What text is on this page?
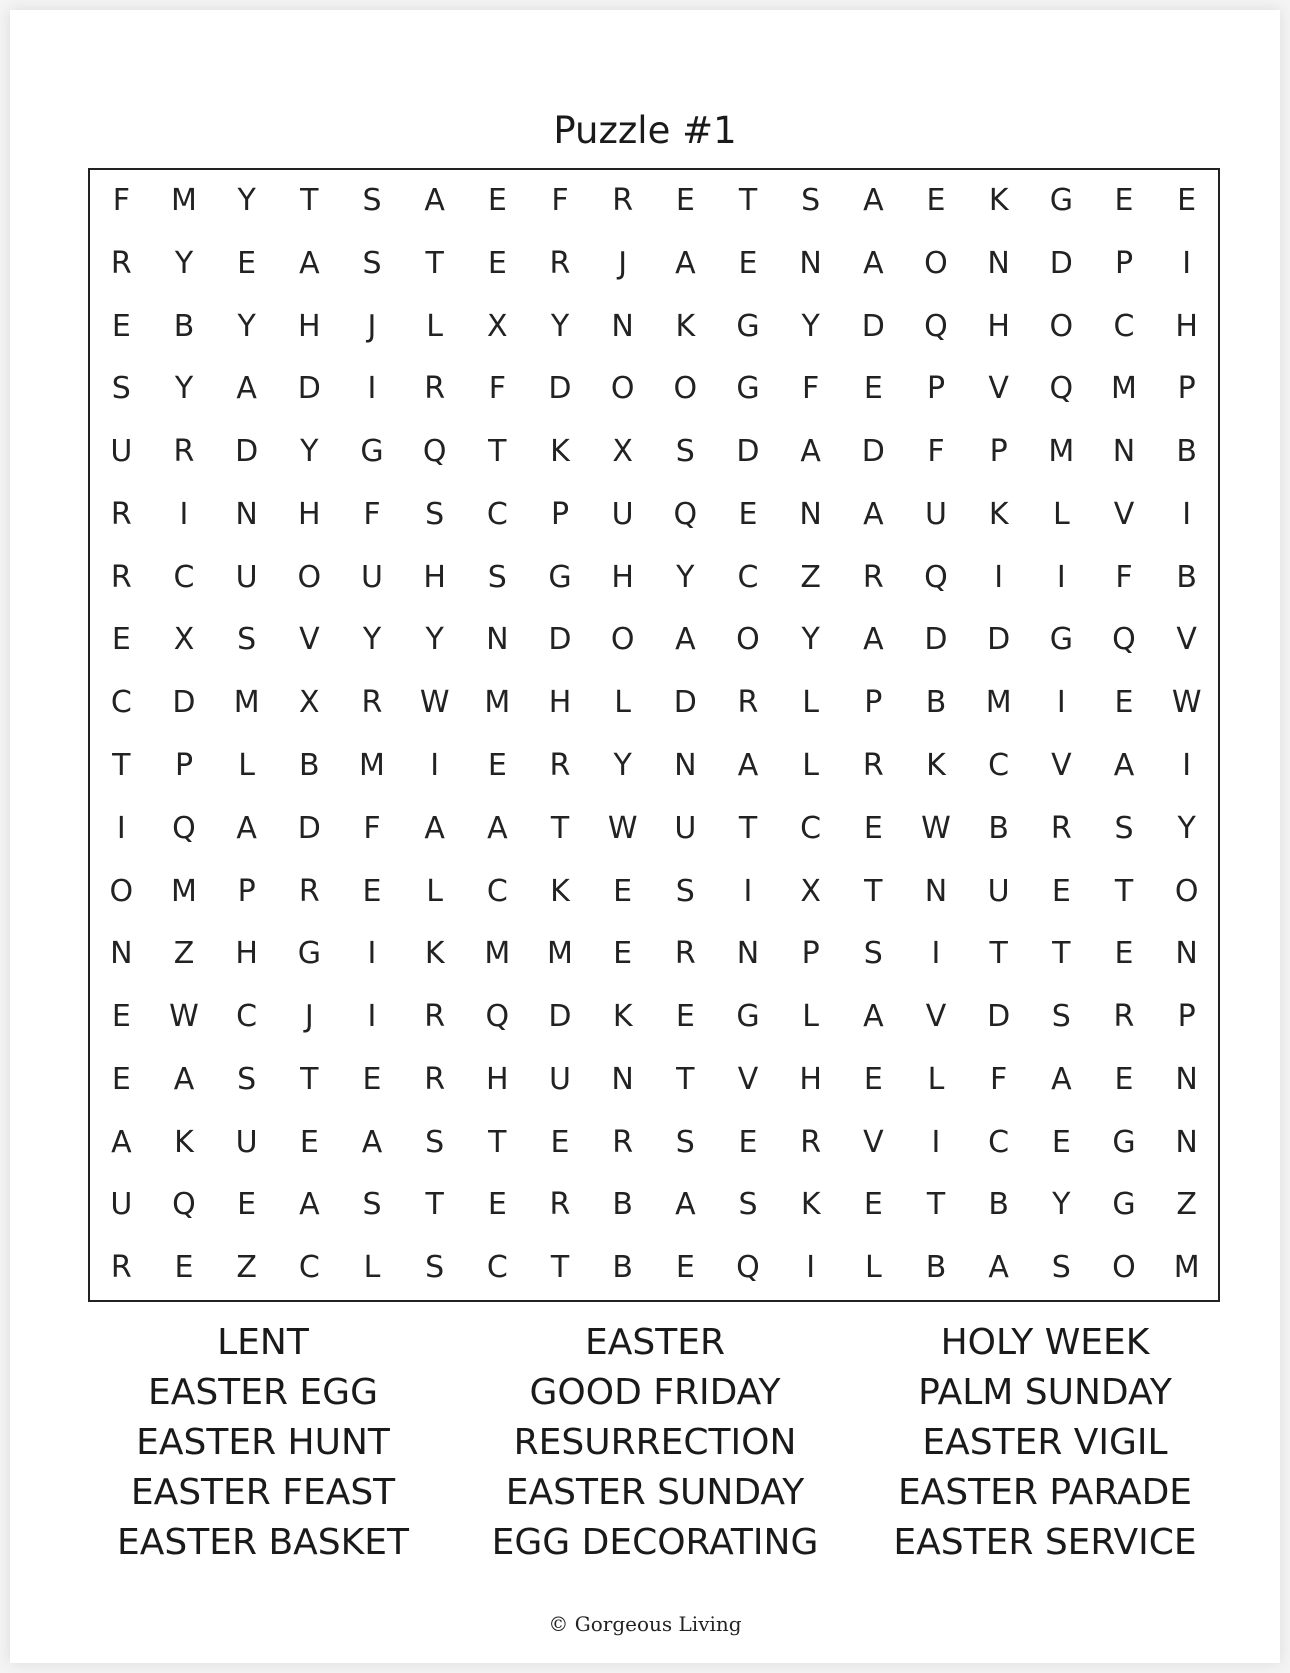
Puzzle #1
F	M	Y	T	S	A	E	F	R	E	T	S	A	E	K	G	E	E
R	Y	E	A	S	T	E	R	J	A	E	N	A	O	N	D	P	I
E	B	Y	H	J	L	X	Y	N	K	G	Y	D	Q	H	O	C	H
S	Y	A	D	I	R	F	D	O	O	G	F	E	P	V	Q	M	P
U	R	D	Y	G	Q	T	K	X	S	D	A	D	F	P	M	N	B
R	I	N	H	F	S	C	P	U	Q	E	N	A	U	K	L	V	I
R	C	U	O	U	H	S	G	H	Y	C	Z	R	Q	I	I	F	B
E	X	S	V	Y	Y	N	D	O	A	O	Y	A	D	D	G	Q	V
C	D	M	X	R	W	M	H	L	D	R	L	P	B	M	I	E	W
T	P	L	B	M	I	E	R	Y	N	A	L	R	K	C	V	A	I
I	Q	A	D	F	A	A	T	W	U	T	C	E	W	B	R	S	Y
O	M	P	R	E	L	C	K	E	S	I	X	T	N	U	E	T	O
N	Z	H	G	I	K	M	M	E	R	N	P	S	I	T	T	E	N
E	W	C	J	I	R	Q	D	K	E	G	L	A	V	D	S	R	P
E	A	S	T	E	R	H	U	N	T	V	H	E	L	F	A	E	N
A	K	U	E	A	S	T	E	R	S	E	R	V	I	C	E	G	N
U	Q	E	A	S	T	E	R	B	A	S	K	E	T	B	Y	G	Z
R	E	Z	C	L	S	C	T	B	E	Q	I	L	B	A	S	O	M
LENT
EASTER EGG
EASTER HUNT
EASTER FEAST
EASTER BASKET
EASTER
GOOD FRIDAY
RESURRECTION
EASTER SUNDAY
EGG DECORATING
HOLY WEEK
PALM SUNDAY
EASTER VIGIL
EASTER PARADE
EASTER SERVICE
© Gorgeous Living
